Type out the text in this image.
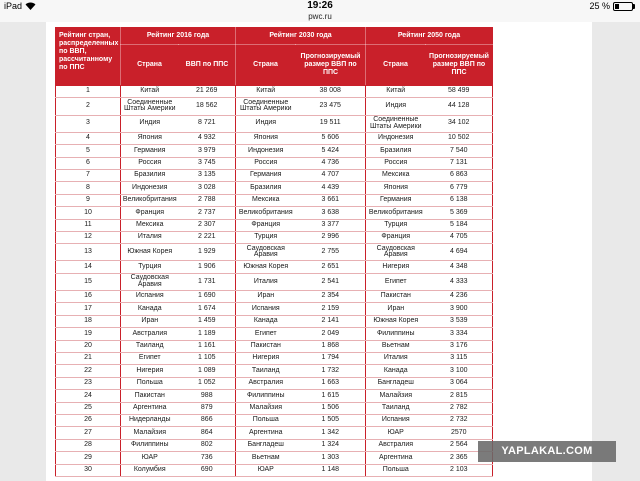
iPad	19:26	25 %
pwc.ru
Рейтинг стран, распределенных по ВВП, рассчитанному по ППС	Рейтинг 2016 года		Рейтинг 2030 года		Рейтинг 2050 года	
	Страна	ВВП по ППС	Страна	Прогнозируемый размер ВВП по ППС	Страна	Прогнозируемый размер ВВП по ППС
1	Китай	21 269	Китай	38 008	Китай	58 499
2	Соединенные Штаты Америки	18 562	Соединенные Штаты Америки	23 475	Индия	44 128
3	Индия	8 721	Индия	19 511	Соединенные Штаты Америки	34 102
4	Япония	4 932	Япония	5 606	Индонезия	10 502
5	Германия	3 979	Индонезия	5 424	Бразилия	7 540
6	Россия	3 745	Россия	4 736	Россия	7 131
7	Бразилия	3 135	Германия	4 707	Мексика	6 863
8	Индонезия	3 028	Бразилия	4 439	Япония	6 779
9	Великобритания	2 788	Мексика	3 661	Германия	6 138
10	Франция	2 737	Великобритания	3 638	Великобритания	5 369
11	Мексика	2 307	Франция	3 377	Турция	5 184
12	Италия	2 221	Турция	2 996	Франция	4 705
13	Южная Корея	1 929	Саудовская Аравия	2 755	Саудовская Аравия	4 694
14	Турция	1 906	Южная Корея	2 651	Нигерия	4 348
15	Саудовская Аравия	1 731	Италия	2 541	Египет	4 333
16	Испания	1 690	Иран	2 354	Пакистан	4 236
17	Канада	1 674	Испания	2 159	Иран	3 900
18	Иран	1 459	Канада	2 141	Южная Корея	3 539
19	Австралия	1 189	Египет	2 049	Филиппины	3 334
20	Таиланд	1 161	Пакистан	1 868	Вьетнам	3 176
21	Египет	1 105	Нигерия	1 794	Италия	3 115
22	Нигерия	1 089	Таиланд	1 732	Канада	3 100
23	Польша	1 052	Австралия	1 663	Бангладеш	3 064
24	Пакистан	988	Филиппины	1 615	Малайзия	2 815
25	Аргентина	879	Малайзия	1 506	Таиланд	2 782
26	Нидерланды	866	Польша	1 505	Испания	2 732
27	Малайзия	864	Аргентина	1 342	ЮАР	2570
28	Филиппины	802	Бангладеш	1 324	Австралия	2 564
29	ЮАР	736	Вьетнам	1 303	Аргентина	2 365
30	Колумбия	690	ЮАР	1 148	Польша	2 103
YAPLAKAL.COM
